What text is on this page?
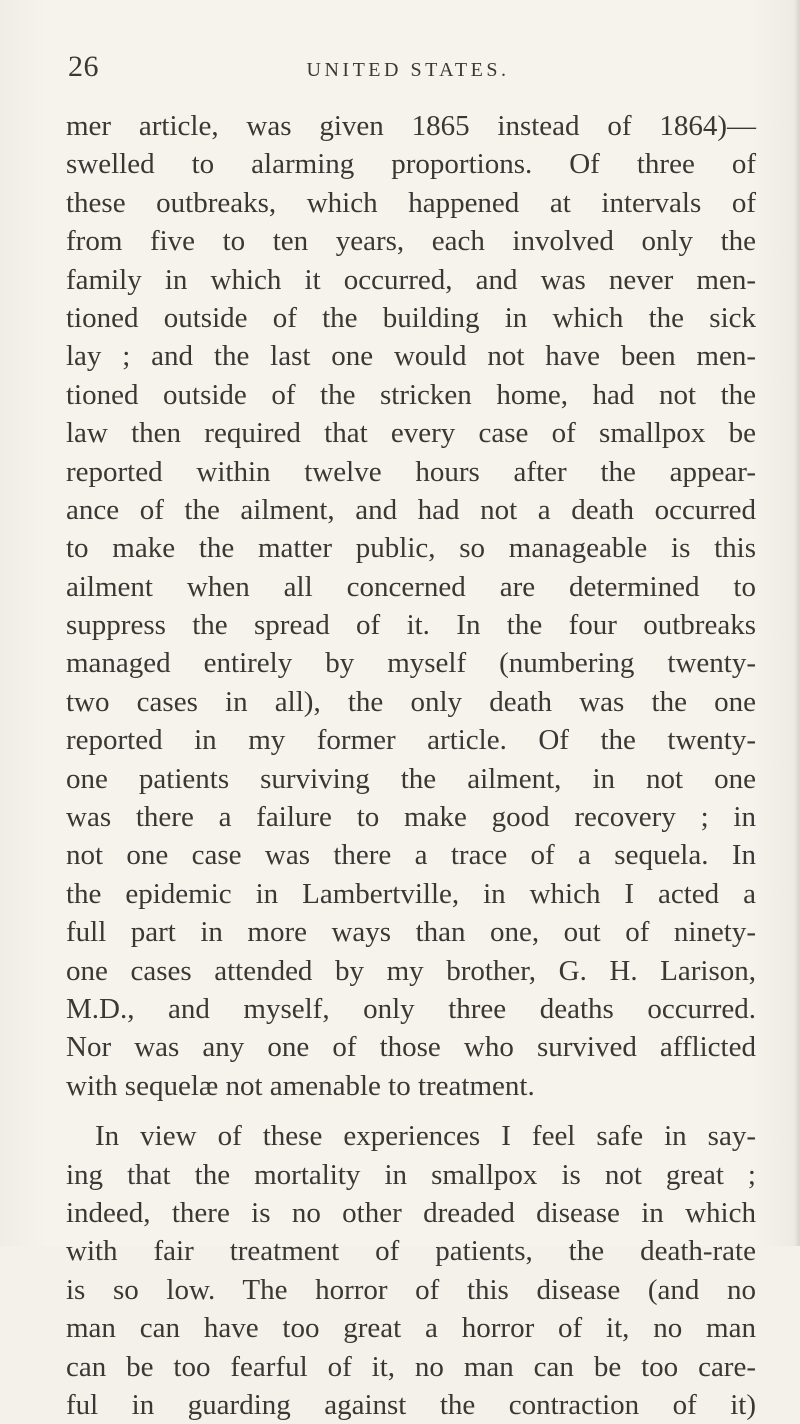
26	UNITED STATES.
mer article, was given 1865 instead of 1864)—
swelled to alarming proportions. Of three of
these outbreaks, which happened at intervals of
from five to ten years, each involved only the
family in which it occurred, and was never men-
tioned outside of the building in which the sick
lay ; and the last one would not have been men-
tioned outside of the stricken home, had not the
law then required that every case of smallpox be
reported within twelve hours after the appear-
ance of the ailment, and had not a death occurred
to make the matter public, so manageable is this
ailment when all concerned are determined to
suppress the spread of it. In the four outbreaks
managed entirely by myself (numbering twenty-
two cases in all), the only death was the one
reported in my former article. Of the twenty-
one patients surviving the ailment, in not one
was there a failure to make good recovery ; in
not one case was there a trace of a sequela. In
the epidemic in Lambertville, in which I acted a
full part in more ways than one, out of ninety-
one cases attended by my brother, G. H. Larison,
M.D., and myself, only three deaths occurred.
Nor was any one of those who survived afflicted
with sequelæ not amenable to treatment.
In view of these experiences I feel safe in say-
ing that the mortality in smallpox is not great ;
indeed, there is no other dreaded disease in which
with fair treatment of patients, the death-rate
is so low. The horror of this disease (and no
man can have too great a horror of it, no man
can be too fearful of it, no man can be too care-
ful in guarding against the contraction of it)
